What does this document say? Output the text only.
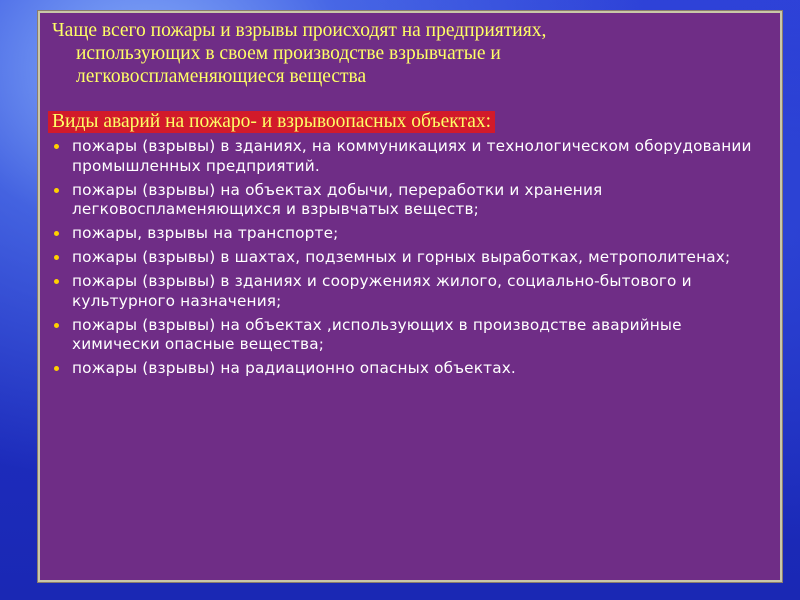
Чаще всего пожары и взрывы происходят на предприятиях,
использующих в своем производстве взрывчатые и
легковоспламеняющиеся вещества

Виды аварий на пожаро- и взрывоопасных объектах:
пожары (взрывы) в зданиях, на коммуникациях и технологическом оборудовании промышленных предприятий.
пожары (взрывы) на объектах добычи, переработки и хранения легковоспламеняющихся и взрывчатых веществ;
пожары, взрывы на транспорте;
пожары (взрывы) в шахтах, подземных и горных выработках, метрополитенах;
пожары (взрывы) в зданиях и сооружениях жилого, социально-бытового и культурного назначения;
пожары (взрывы) на объектах ,использующих в производстве аварийные химически опасные вещества;
пожары (взрывы) на радиационно опасных объектах.
